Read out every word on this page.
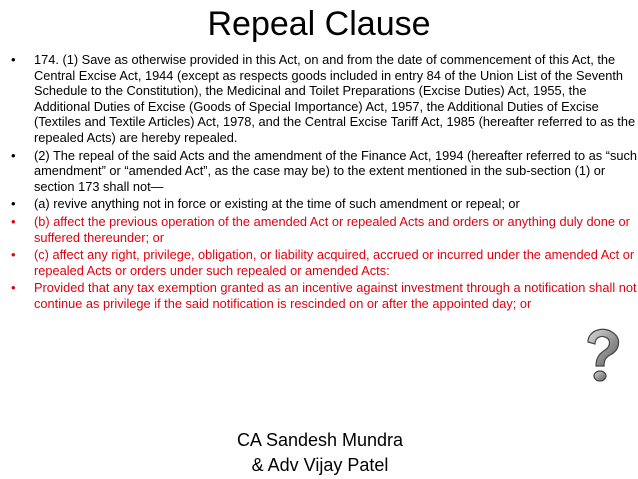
Repeal Clause
• 174. (1) Save as otherwise provided in this Act, on and from the date of commencement of this Act, the Central Excise Act, 1944 (except as respects goods included in entry 84 of the Union List of the Seventh Schedule to the Constitution), the Medicinal and Toilet Preparations (Excise Duties) Act, 1955, the Additional Duties of Excise (Goods of Special Importance) Act, 1957, the Additional Duties of Excise (Textiles and Textile Articles) Act, 1978, and the Central Excise Tariff Act, 1985 (hereafter referred to as the repealed Acts) are hereby repealed.
• (2) The repeal of the said Acts and the amendment of the Finance Act, 1994 (hereafter referred to as “such amendment” or “amended Act”, as the case may be) to the extent mentioned in the sub-section (1) or section 173 shall not—
• (a) revive anything not in force or existing at the time of such amendment or repeal; or
• (b) affect the previous operation of the amended Act or repealed Acts and orders or anything duly done or suffered thereunder; or
• (c) affect any right, privilege, obligation, or liability acquired, accrued or incurred under the amended Act or repealed Acts or orders under such repealed or amended Acts:
• Provided that any tax exemption granted as an incentive against investment through a notification shall not continue as privilege if the said notification is rescinded on or after the appointed day; or
CA Sandesh Mundra
& Adv Vijay Patel
